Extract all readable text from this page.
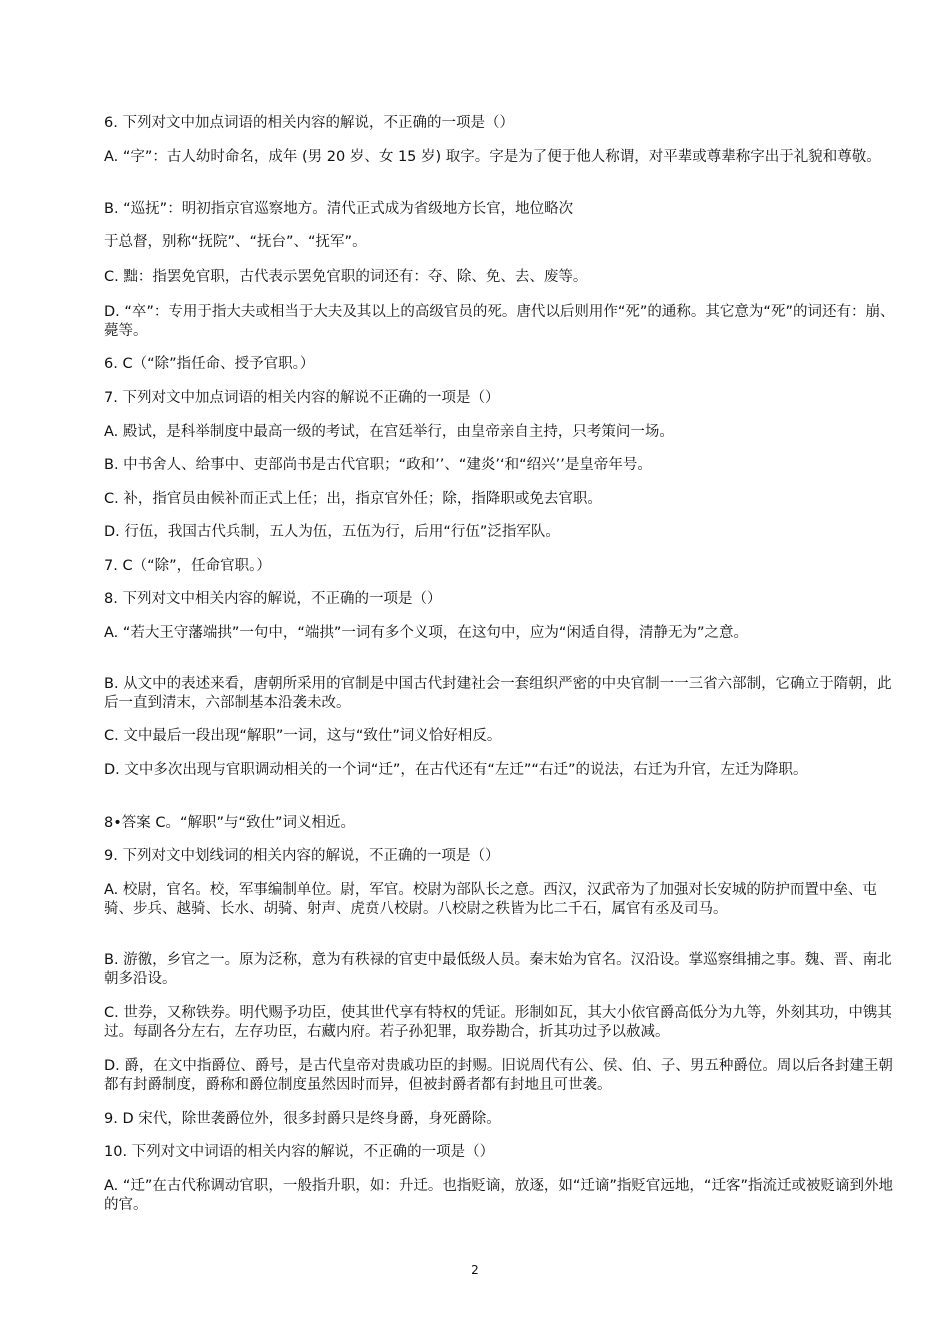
6. 下列对文中加点词语的相关内容的解说，不正确的一项是（）

A. “字”：古人幼时命名，成年 (男 20 岁、女 15 岁) 取字。字是为了便于他人称谓，对平辈或尊辈称字出于礼貌和尊敬。

B. “巡抚”：明初指京官巡察地方。清代正式成为省级地方长官，地位略次

于总督，别称“抚院”、“抚台”、“抚军”。

C. 黜：指罢免官职，古代表示罢免官职的词还有：夺、除、免、去、废等。

D. “卒”：专用于指大夫或相当于大夫及其以上的高级官员的死。唐代以后则用作“死”的通称。其它意为“死”的词还有：崩、薨等。

6. C（“除”指任命、授予官职。）

7. 下列对文中加点词语的相关内容的解说不正确的一项是（）

A. 殿试，是科举制度中最高一级的考试，在宫廷举行，由皇帝亲自主持，只考策问一场。

B. 中书舍人、给事中、吏部尚书是古代官职；“政和’’、“建炎’‘和“绍兴’’是皇帝年号。

C. 补，指官员由候补而正式上任；出，指京官外任；除，指降职或免去官职。

D. 行伍，我国古代兵制，五人为伍，五伍为行，后用“行伍”泛指军队。

7. C（“除”，任命官职。）

8. 下列对文中相关内容的解说，不正确的一项是（）

A. “若大王守藩端拱”一句中，“端拱”一词有多个义项，在这句中，应为“闲适自得，清静无为”之意。

B. 从文中的表述来看，唐朝所采用的官制是中国古代封建社会一套组织严密的中央官制一一三省六部制，它确立于隋朝，此后一直到清末，六部制基本沿袭未改。

C. 文中最后一段出现“解职”一词，这与“致仕”词义恰好相反。

D. 文中多次出现与官职调动相关的一个词“迁”，在古代还有“左迁”“右迁”的说法，右迁为升官，左迁为降职。

8•答案 C。“解职”与“致仕”词义相近。

9. 下列对文中划线词的相关内容的解说，不正确的一项是（）

A. 校尉，官名。校，军事编制单位。尉，军官。校尉为部队长之意。西汉，汉武帝为了加强对长安城的防护而置中垒、屯骑、步兵、越骑、长水、胡骑、射声、虎贲八校尉。八校尉之秩皆为比二千石，属官有丞及司马。

B. 游徼，乡官之一。原为泛称，意为有秩禄的官吏中最低级人员。秦末始为官名。汉沿设。掌巡察缉捕之事。魏、晋、南北朝多沿设。

C. 世券，又称铁券。明代赐予功臣，使其世代享有特权的凭证。形制如瓦，其大小依官爵高低分为九等，外刻其功，中镌其过。每副各分左右，左存功臣，右藏内府。若子孙犯罪，取券勘合，折其功过予以赦减。

D. 爵，在文中指爵位、爵号，是古代皇帝对贵戚功臣的封赐。旧说周代有公、侯、伯、子、男五种爵位。周以后各封建王朝都有封爵制度，爵称和爵位制度虽然因时而异，但被封爵者都有封地且可世袭。

9. D 宋代，除世袭爵位外，很多封爵只是终身爵，身死爵除。

10. 下列对文中词语的相关内容的解说，不正确的一项是（）

A. “迁”在古代称调动官职，一般指升职，如：升迁。也指贬谪，放逐，如“迁谪”指贬官远地，“迁客”指流迁或被贬谪到外地的官。

2
